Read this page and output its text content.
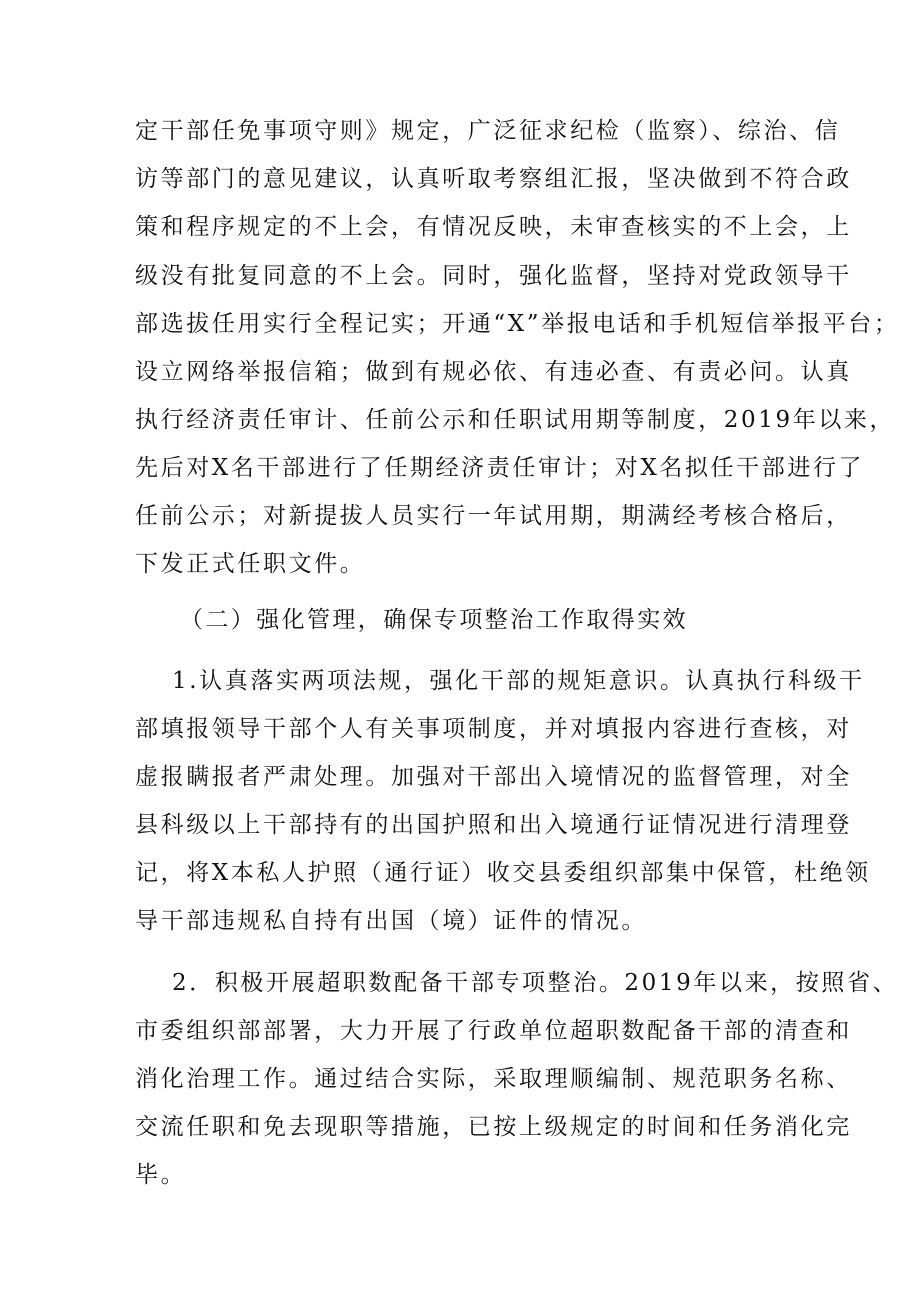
定干部任免事项守则》规定，广泛征求纪检（监察）、综治、信

访等部门的意见建议，认真听取考察组汇报，坚决做到不符合政

策和程序规定的不上会，有情况反映，未审查核实的不上会，上

级没有批复同意的不上会。同时，强化监督，坚持对党政领导干

部选拔任用实行全程记实；开通“X”举报电话和手机短信举报平台；

设立网络举报信箱；做到有规必依、有违必查、有责必问。认真

执行经济责任审计、任前公示和任职试用期等制度，2019年以来，

先后对X名干部进行了任期经济责任审计；对X名拟任干部进行了

任前公示；对新提拔人员实行一年试用期，期满经考核合格后，

下发正式任职文件。

（二）强化管理，确保专项整治工作取得实效

1.认真落实两项法规，强化干部的规矩意识。认真执行科级干

部填报领导干部个人有关事项制度，并对填报内容进行查核，对

虚报瞒报者严肃处理。加强对干部出入境情况的监督管理，对全

县科级以上干部持有的出国护照和出入境通行证情况进行清理登

记，将X本私人护照（通行证）收交县委组织部集中保管，杜绝领

导干部违规私自持有出国（境）证件的情况。

2．积极开展超职数配备干部专项整治。2019年以来，按照省、

市委组织部部署，大力开展了行政单位超职数配备干部的清查和

消化治理工作。通过结合实际，采取理顺编制、规范职务名称、

交流任职和免去现职等措施，已按上级规定的时间和任务消化完

毕。
